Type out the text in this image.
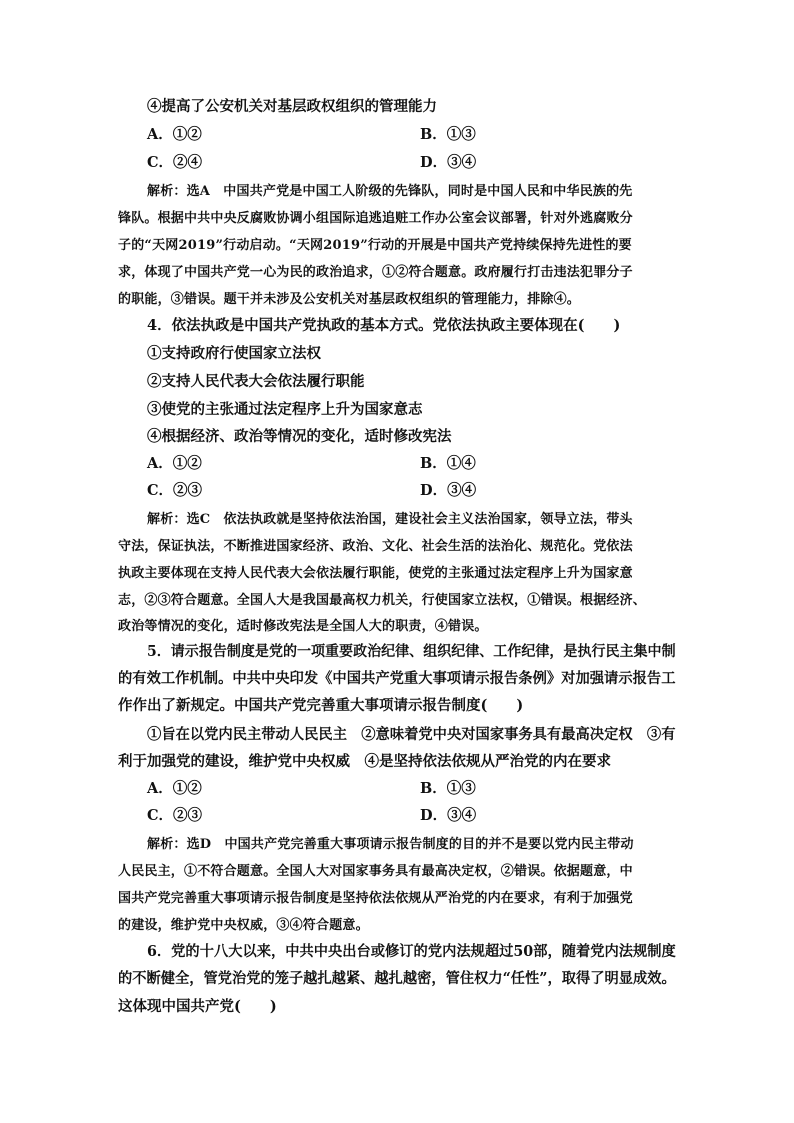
④提高了公安机关对基层政权组织的管理能力
A．①②	B．①③
C．②④	D．③④
解析：选A　中国共产党是中国工人阶级的先锋队，同时是中国人民和中华民族的先
锋队。根据中共中央反腐败协调小组国际追逃追赃工作办公室会议部署，针对外逃腐败分
子的“天网2019”行动启动。“天网2019”行动的开展是中国共产党持续保持先进性的要
求，体现了中国共产党一心为民的政治追求，①②符合题意。政府履行打击违法犯罪分子
的职能，③错误。题干并未涉及公安机关对基层政权组织的管理能力，排除④。
4．依法执政是中国共产党执政的基本方式。党依法执政主要体现在(　　)
①支持政府行使国家立法权
②支持人民代表大会依法履行职能
③使党的主张通过法定程序上升为国家意志
④根据经济、政治等情况的变化，适时修改宪法
A．①②	B．①④
C．②③	D．③④
解析：选C　依法执政就是坚持依法治国，建设社会主义法治国家，领导立法，带头
守法，保证执法，不断推进国家经济、政治、文化、社会生活的法治化、规范化。党依法
执政主要体现在支持人民代表大会依法履行职能，使党的主张通过法定程序上升为国家意
志，②③符合题意。全国人大是我国最高权力机关，行使国家立法权，①错误。根据经济、
政治等情况的变化，适时修改宪法是全国人大的职责，④错误。
5．请示报告制度是党的一项重要政治纪律、组织纪律、工作纪律，是执行民主集中制
的有效工作机制。中共中央印发《中国共产党重大事项请示报告条例》对加强请示报告工
作作出了新规定。中国共产党完善重大事项请示报告制度(　　)
①旨在以党内民主带动人民民主　②意味着党中央对国家事务具有最高决定权　③有
利于加强党的建设，维护党中央权威　④是坚持依法依规从严治党的内在要求
A．①②	B．①③
C．②③	D．③④
解析：选D　中国共产党完善重大事项请示报告制度的目的并不是要以党内民主带动
人民民主，①不符合题意。全国人大对国家事务具有最高决定权，②错误。依据题意，中
国共产党完善重大事项请示报告制度是坚持依法依规从严治党的内在要求，有利于加强党
的建设，维护党中央权威，③④符合题意。
6．党的十八大以来，中共中央出台或修订的党内法规超过50部，随着党内法规制度
的不断健全，管党治党的笼子越扎越紧、越扎越密，管住权力“任性”，取得了明显成效。
这体现中国共产党(　　)
